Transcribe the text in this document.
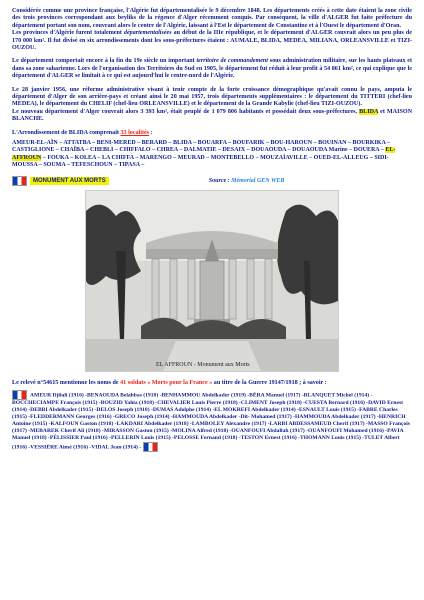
Considérée comme une province française, l'Algérie fut départementalisée le 9 décembre 1848. Les départements créés à cette date étaient la zone civile des trois provinces correspondant aux beyliks de la régence d'Alger récemment conquis. Par conséquent, la ville d'ALGER fut faite préfecture du département portant son nom, couvrant alors le centre de l'Algérie, laissant à l'Est le département de Constantine et à l'Ouest le département d'Oran.

Les provinces d'Algérie furent totalement départementalisées au début de la IIIe république, et le département d'ALGER couvrait alors un peu plus de 170 000 km². Il fut divisé en six arrondissements dont les sous-préfectures étaient : AUMALE, BLIDA, MEDEA, MILIANA, ORLEANSVILLE et TIZI-OUZOU.

Le département comportait encore à la fin du 19e siècle un important territoire de commandement sous administration militaire, sur les hauts plateaux et dans sa zone saharienne. Lors de l'organisation des Territoires du Sud en 1905, le département fut réduit à leur profit à 54 861 km², ce qui explique que le département d'ALGER se limitait à ce qui est aujourd'hui le centre-nord de l'Algérie.

Le 28 janvier 1956, une réforme administrative visant à tenir compte de la forte croissance démographique qu'avait connu le pays, amputa le département d'Alger de son arrière-pays et créant ainsi le 20 mai 1957, trois départements supplémentaires : le département du TITTERI (chef-lieu MEDEA), le département du CHELIF (chef-lieu ORLEANSVILLE) et le département de la Grande Kabylie (chef-lieu TIZI-OUZOU).

Le nouveau département d'Alger couvrait alors 3 393 km², était peuplé de 1 079 806 habitants et possédait deux sous-préfectures, BLIDA et MAISON BLANCHE.

L'Arrondissement de BLIDA comprenait 33 localités :
AMEUR-EL-AÏN – ATTATBA – BENI-MERED – BERARD – BLIDA – BOUARFA – BOUFARIK – BOU-HAROUN – BOUINAN – BOURKIKA – CASTIGLIONE – CHAÏBA – CHEBLI – CHIFFALO – CHREA – DALMATIE – DESAIX – DOUAOUDA – DOUAOUDA Marine – DOUERA – EL-AFFROUN – FOUKA – KOLEA – LA CHIFFA – MARENGO – MEURAD – MONTEBELLO – MOUZAÏAVILLE – OUED-EL-ALLEUG – SIDI-MOUSSA – SOUMA – TEFESCHOUN – TIPASA –
MONUMENT AUX MORTS	Source : Mémorial GEN WEB
EL AFFROUN - Monument aux Morts

Le relevé n°54615 mentionne les noms de 41 soldats « Morts pour la France » au titre de la Guerre 19147/1918 ; à savoir :

AMEUR Djilali (1916) -BENAOUDA Belabbas (1918) -BENHAMMOU Abdelkader (1919) -BÉRA Manuel (1917) -BLANQUET Michel (1914) -BOCCHECIAMPE François (1915) -BOUZID Yahia (1918) -CHEVALIER Louis Pierre (1918) -CLIMENT Joseph (1918) -CUESTA Bernard (1916) -DAVID Ernest (1914) -DEBBI Abdelkader (1915) -DELOS Joseph (1918) -DUMAS Adolphe (1914) -EL MOKREFI Abdelkader (1914) -ESNAULT Louis (1915) -FABRE Charles (1915) -FLEDDERMANN Georges (1916) -GRECO Joseph (1914) -HAMMOUDA Abdelkader -Dit- Mohamed (1917) -HAMMOUDA Abdelkader (1917) -HENRICH Antoine (1915) -KALFOUN Gaston (1918) -LAKDARI Abdelkader (1918) -LAMBOLEY Alexandre (1917) -LARBI ABDESSAMEUD Cherif (1917) -MASSO François (1917) -MEBAREK Cherif Ali (1918) -MIRASSON Gaston (1915) -MOLINA Alfred (1918) -OUANFOUFI Abdallah (1917) -OUANFOUFI Mohamed (1916) -PAVIA Manuel (1918) -PÉLISSIER Paul (1916) -PELLERIN Louis (1915) -PELOSSE Fernand (1918) -TESTON Ernest (1916) -THOMANN Louis (1915) -TULET Albert (1916) -VESSIÈRE Aimé (1916) -VIDAL Jean (1914) -
